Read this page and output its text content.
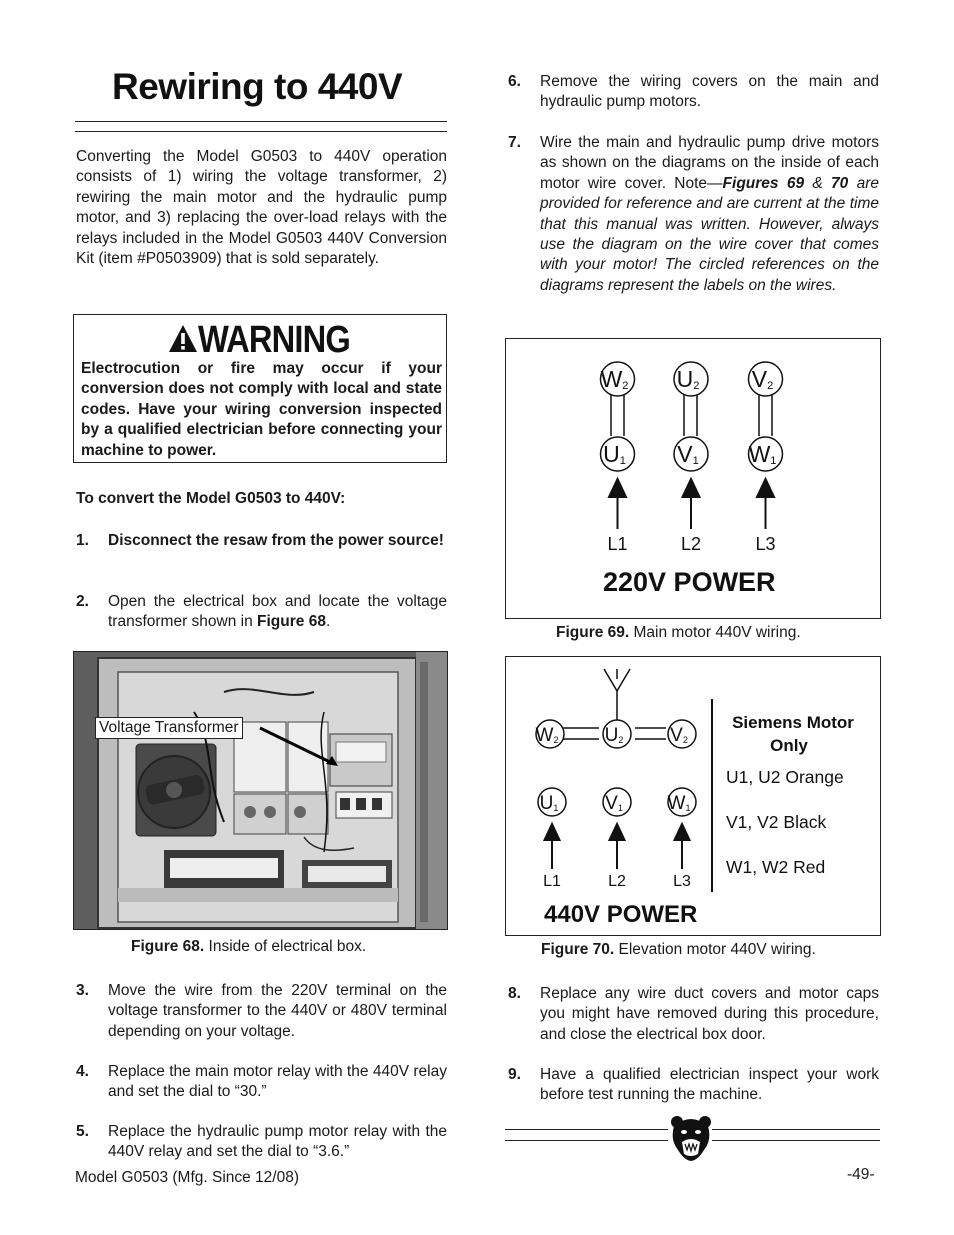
Rewiring to 440V
Converting the Model G0503 to 440V operation consists of 1) wiring the voltage transformer, 2) rewiring the main motor and the hydraulic pump motor, and 3) replacing the over-load relays with the relays included in the Model G0503 440V Conversion Kit (item #P0503909) that is sold separately.
WARNING
Electrocution or fire may occur if your conversion does not comply with local and state codes. Have your wiring conversion inspected by a qualified electrician before connecting your machine to power.
To convert the Model G0503 to 440V:
1. Disconnect the resaw from the power source!
2. Open the electrical box and locate the voltage transformer shown in Figure 68.
Voltage Transformer
Figure 68. Inside of electrical box.
3. Move the wire from the 220V terminal on the voltage transformer to the 440V or 480V terminal depending on your voltage.
4. Replace the main motor relay with the 440V relay and set the dial to “30.”
5. Replace the hydraulic pump motor relay with the 440V relay and set the dial to “3.6.”
6. Remove the wiring covers on the main and hydraulic pump motors.
7. Wire the main and hydraulic pump drive motors as shown on the diagrams on the inside of each motor wire cover. Note—Figures 69 & 70 are provided for reference and are current at the time that this manual was written. However, always use the diagram on the wire cover that comes with your motor! The circled references on the diagrams represent the labels on the wires.
W2 U2 V2
U1 V1 W1
L1	L2	L3
220V POWER
Figure 69. Main motor 440V wiring.
W2 U2 V2
U1 V1 W1
L1	L2	L3
Siemens Motor
Only
U1, U2 Orange
V1, V2 Black
W1, W2 Red
440V POWER
Figure 70. Elevation motor 440V wiring.
8. Replace any wire duct covers and motor caps you might have removed during this procedure, and close the electrical box door.
9. Have a qualified electrician inspect your work before test running the machine.
Model G0503 (Mfg. Since 12/08)	-49-
